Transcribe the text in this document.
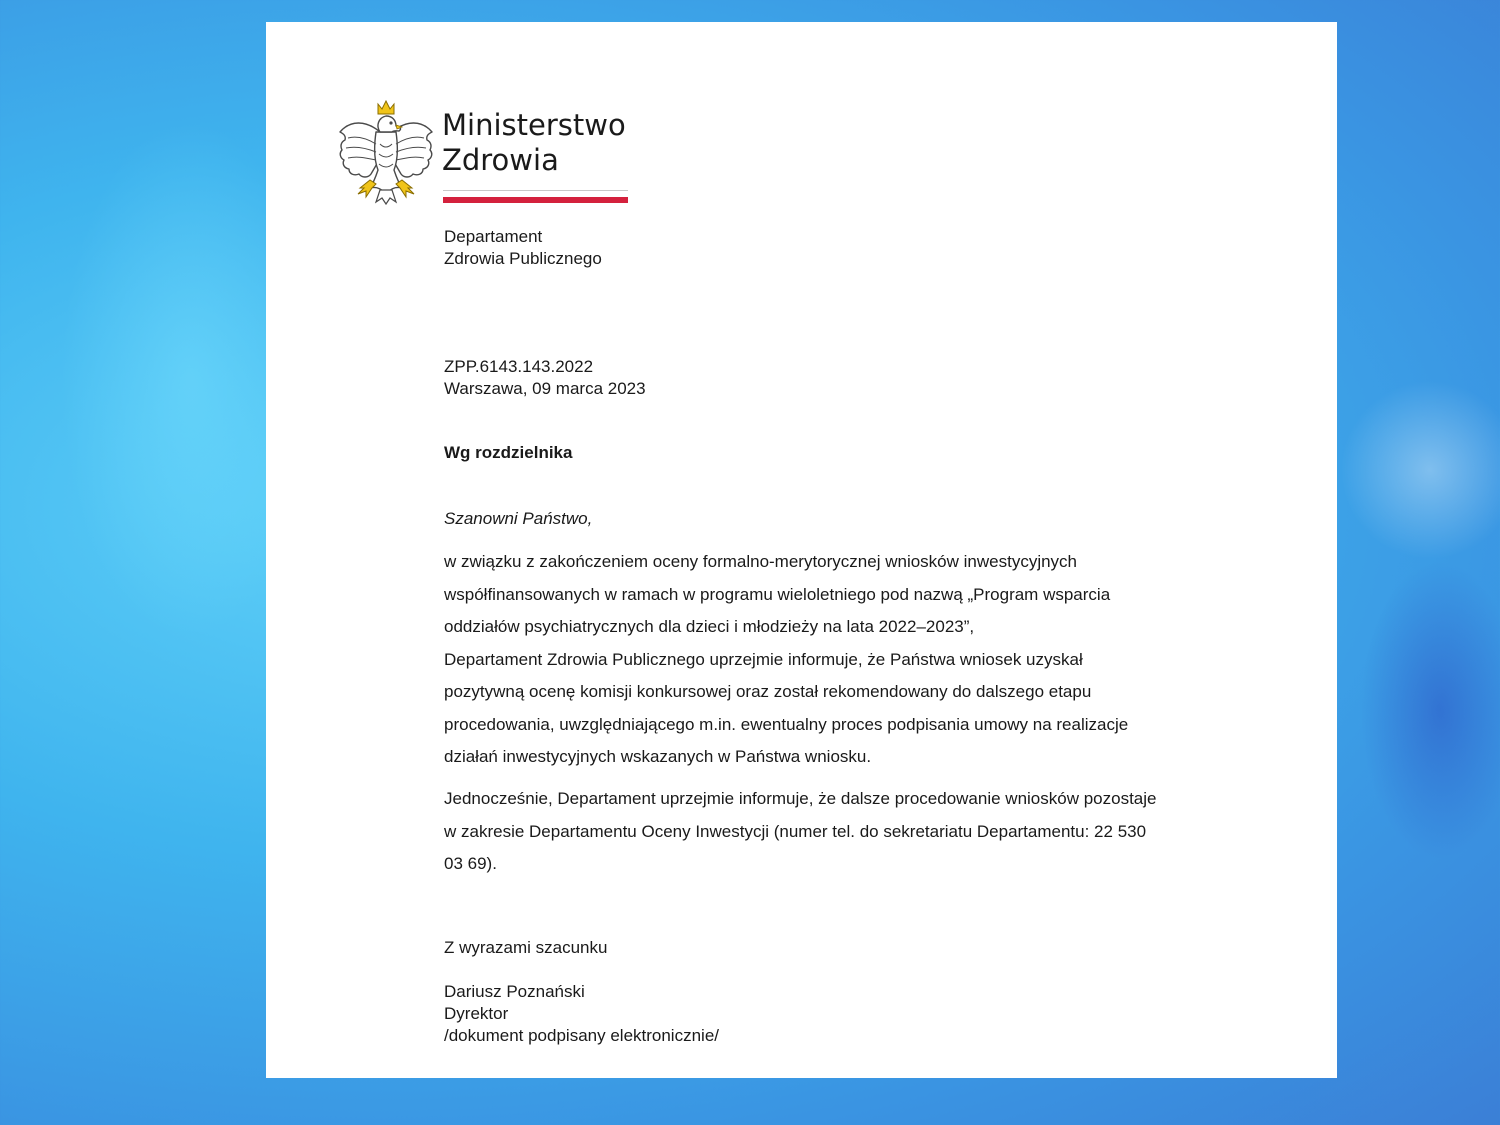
Ministerstwo
Zdrowia
Departament
Zdrowia Publicznego
ZPP.6143.143.2022
Warszawa, 09 marca 2023
Wg rozdzielnika
Szanowni Państwo,
w związku z zakończeniem oceny formalno-merytorycznej wniosków inwestycyjnych współfinansowanych w ramach w programu wieloletniego pod nazwą „Program wsparcia oddziałów psychiatrycznych dla dzieci i młodzieży na lata 2022–2023”,
Departament Zdrowia Publicznego uprzejmie informuje, że Państwa wniosek uzyskał pozytywną ocenę komisji konkursowej oraz został rekomendowany do dalszego etapu procedowania, uwzględniającego m.in. ewentualny proces podpisania umowy na realizacje działań inwestycyjnych wskazanych w Państwa wniosku.
Jednocześnie, Departament uprzejmie informuje, że dalsze procedowanie wniosków pozostaje w zakresie Departamentu Oceny Inwestycji (numer tel. do sekretariatu Departamentu: 22 530 03 69).
Z wyrazami szacunku
Dariusz Poznański
Dyrektor
/dokument podpisany elektronicznie/
